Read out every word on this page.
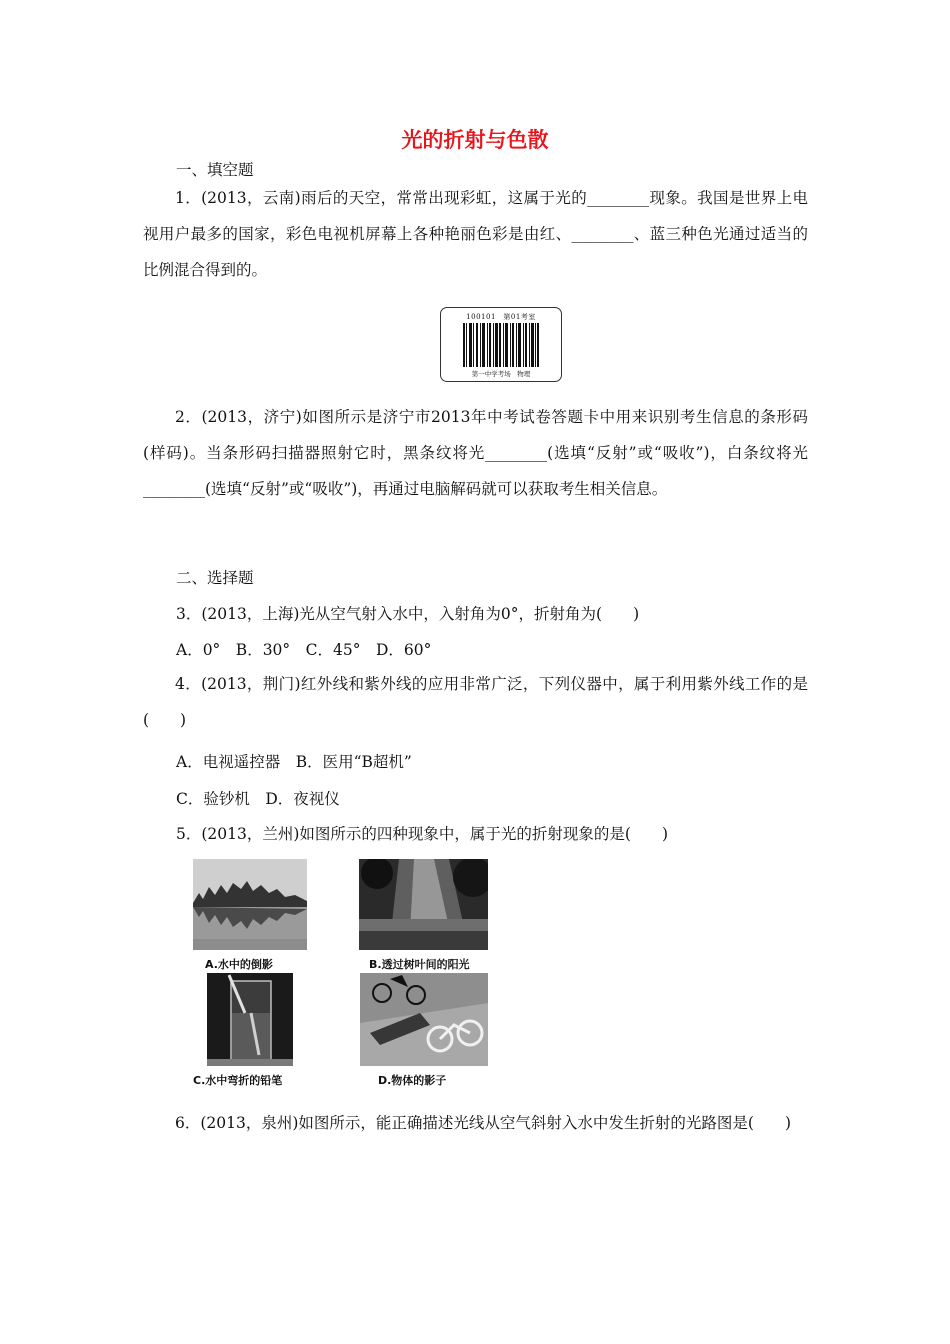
光的折射与色散
一、填空题
1．(2013，云南)雨后的天空，常常出现彩虹，这属于光的________现象。我国是世界上电视用户最多的国家，彩色电视机屏幕上各种艳丽色彩是由红、________、蓝三种色光通过适当的比例混合得到的。
100101　 第01考室
第一中学考场　物理
2．(2013，济宁)如图所示是济宁市2013年中考试卷答题卡中用来识别考生信息的条形码(样码)。当条形码扫描器照射它时，黑条纹将光________(选填“反射”或“吸收”)，白条纹将光________(选填“反射”或“吸收”)，再通过电脑解码就可以获取考生相关信息。
二、选择题
3．(2013，上海)光从空气射入水中，入射角为0°，折射角为(　　)
A．0°　B．30°　C．45°　D．60°
4．(2013，荆门)红外线和紫外线的应用非常广泛，下列仪器中，属于利用紫外线工作的是(　　)
A．电视遥控器　B．医用“B超机”
C．验钞机　D．夜视仪
5．(2013，兰州)如图所示的四种现象中，属于光的折射现象的是(　　)
A.水中的倒影	B.透过树叶间的阳光
C.水中弯折的铅笔	D.物体的影子
6．(2013，泉州)如图所示，能正确描述光线从空气斜射入水中发生折射的光路图是(　　)
